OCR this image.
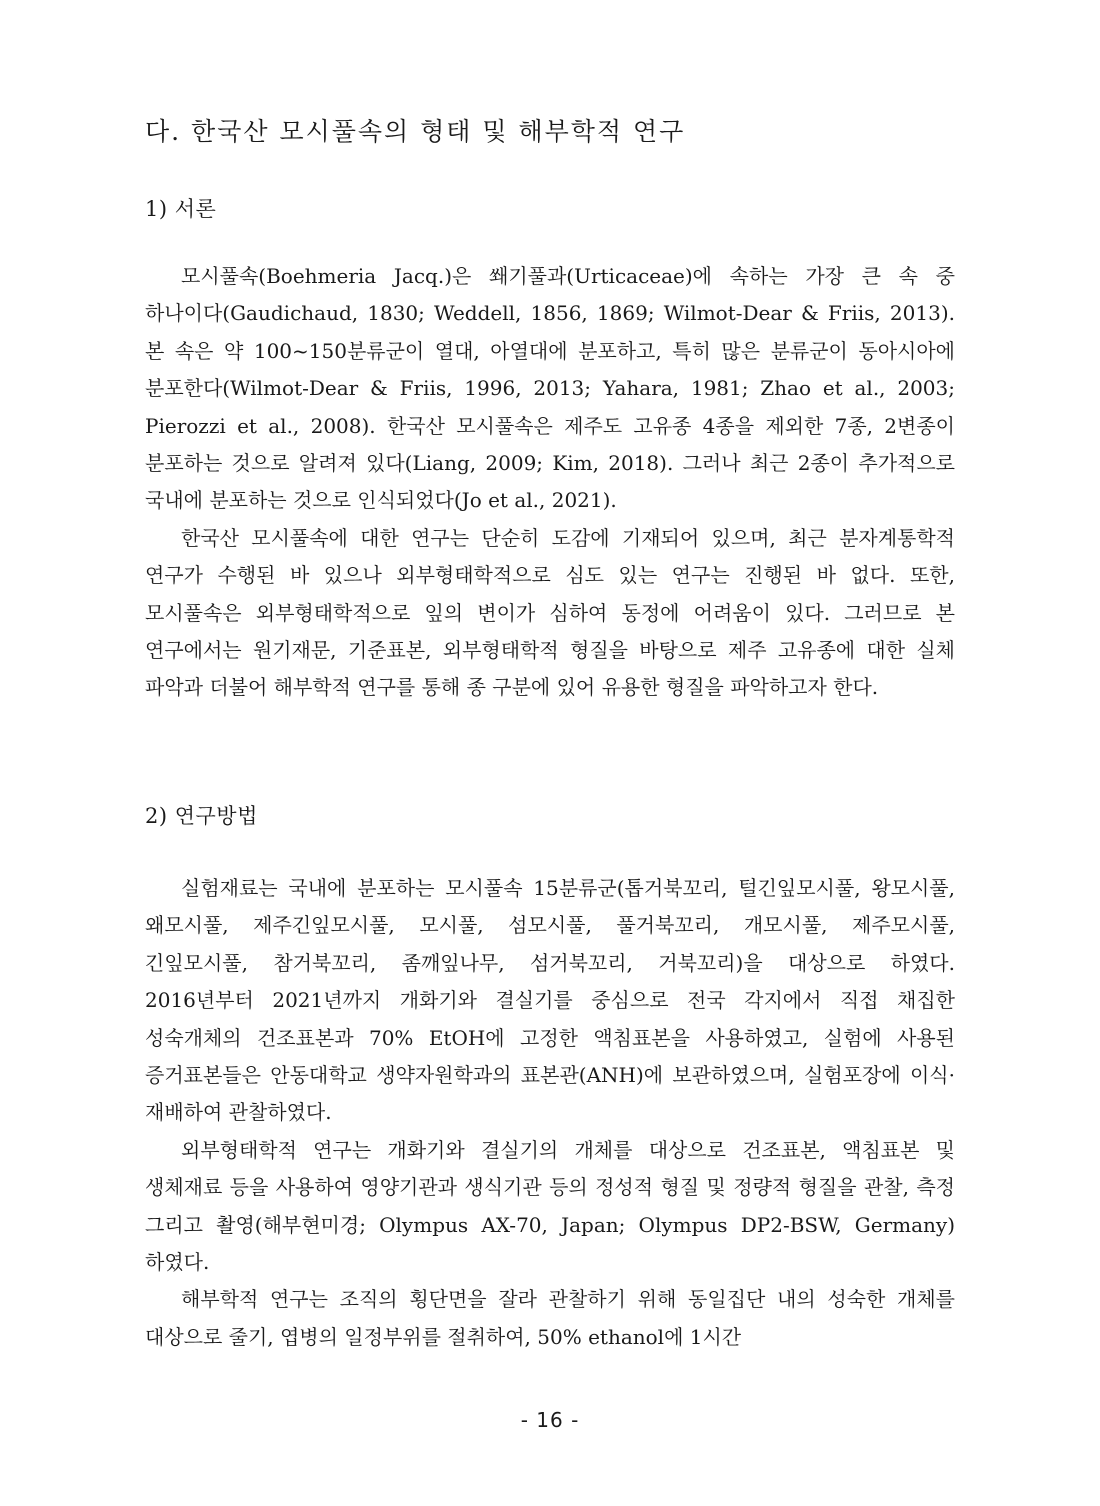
다. 한국산 모시풀속의 형태 및 해부학적 연구
1) 서론

모시풀속(Boehmeria Jacq.)은 쐐기풀과(Urticaceae)에 속하는 가장 큰 속 중 하나이다(Gaudichaud, 1830; Weddell, 1856, 1869; Wilmot-Dear & Friis, 2013). 본 속은 약 100~150분류군이 열대, 아열대에 분포하고, 특히 많은 분류군이 동아시아에 분포한다(Wilmot-Dear & Friis, 1996, 2013; Yahara, 1981; Zhao et al., 2003; Pierozzi et al., 2008). 한국산 모시풀속은 제주도 고유종 4종을 제외한 7종, 2변종이 분포하는 것으로 알려져 있다(Liang, 2009; Kim, 2018). 그러나 최근 2종이 추가적으로 국내에 분포하는 것으로 인식되었다(Jo et al., 2021).

한국산 모시풀속에 대한 연구는 단순히 도감에 기재되어 있으며, 최근 분자계통학적 연구가 수행된 바 있으나 외부형태학적으로 심도 있는 연구는 진행된 바 없다. 또한, 모시풀속은 외부형태학적으로 잎의 변이가 심하여 동정에 어려움이 있다. 그러므로 본 연구에서는 원기재문, 기준표본, 외부형태학적 형질을 바탕으로 제주 고유종에 대한 실체 파악과 더불어 해부학적 연구를 통해 종 구분에 있어 유용한 형질을 파악하고자 한다.

2) 연구방법

실험재료는 국내에 분포하는 모시풀속 15분류군(톱거북꼬리, 털긴잎모시풀, 왕모시풀, 왜모시풀, 제주긴잎모시풀, 모시풀, 섬모시풀, 풀거북꼬리, 개모시풀, 제주모시풀, 긴잎모시풀, 참거북꼬리, 좀깨잎나무, 섬거북꼬리, 거북꼬리)을 대상으로 하였다. 2016년부터 2021년까지 개화기와 결실기를 중심으로 전국 각지에서 직접 채집한 성숙개체의 건조표본과 70% EtOH에 고정한 액침표본을 사용하였고, 실험에 사용된 증거표본들은 안동대학교 생약자원학과의 표본관(ANH)에 보관하였으며, 실험포장에 이식·재배하여 관찰하였다.

외부형태학적 연구는 개화기와 결실기의 개체를 대상으로 건조표본, 액침표본 및 생체재료 등을 사용하여 영양기관과 생식기관 등의 정성적 형질 및 정량적 형질을 관찰, 측정 그리고 촬영(해부현미경; Olympus AX-70, Japan; Olympus DP2-BSW, Germany)하였다.

해부학적 연구는 조직의 횡단면을 잘라 관찰하기 위해 동일집단 내의 성숙한 개체를 대상으로 줄기, 엽병의 일정부위를 절취하여, 50% ethanol에 1시간

- 16 -
